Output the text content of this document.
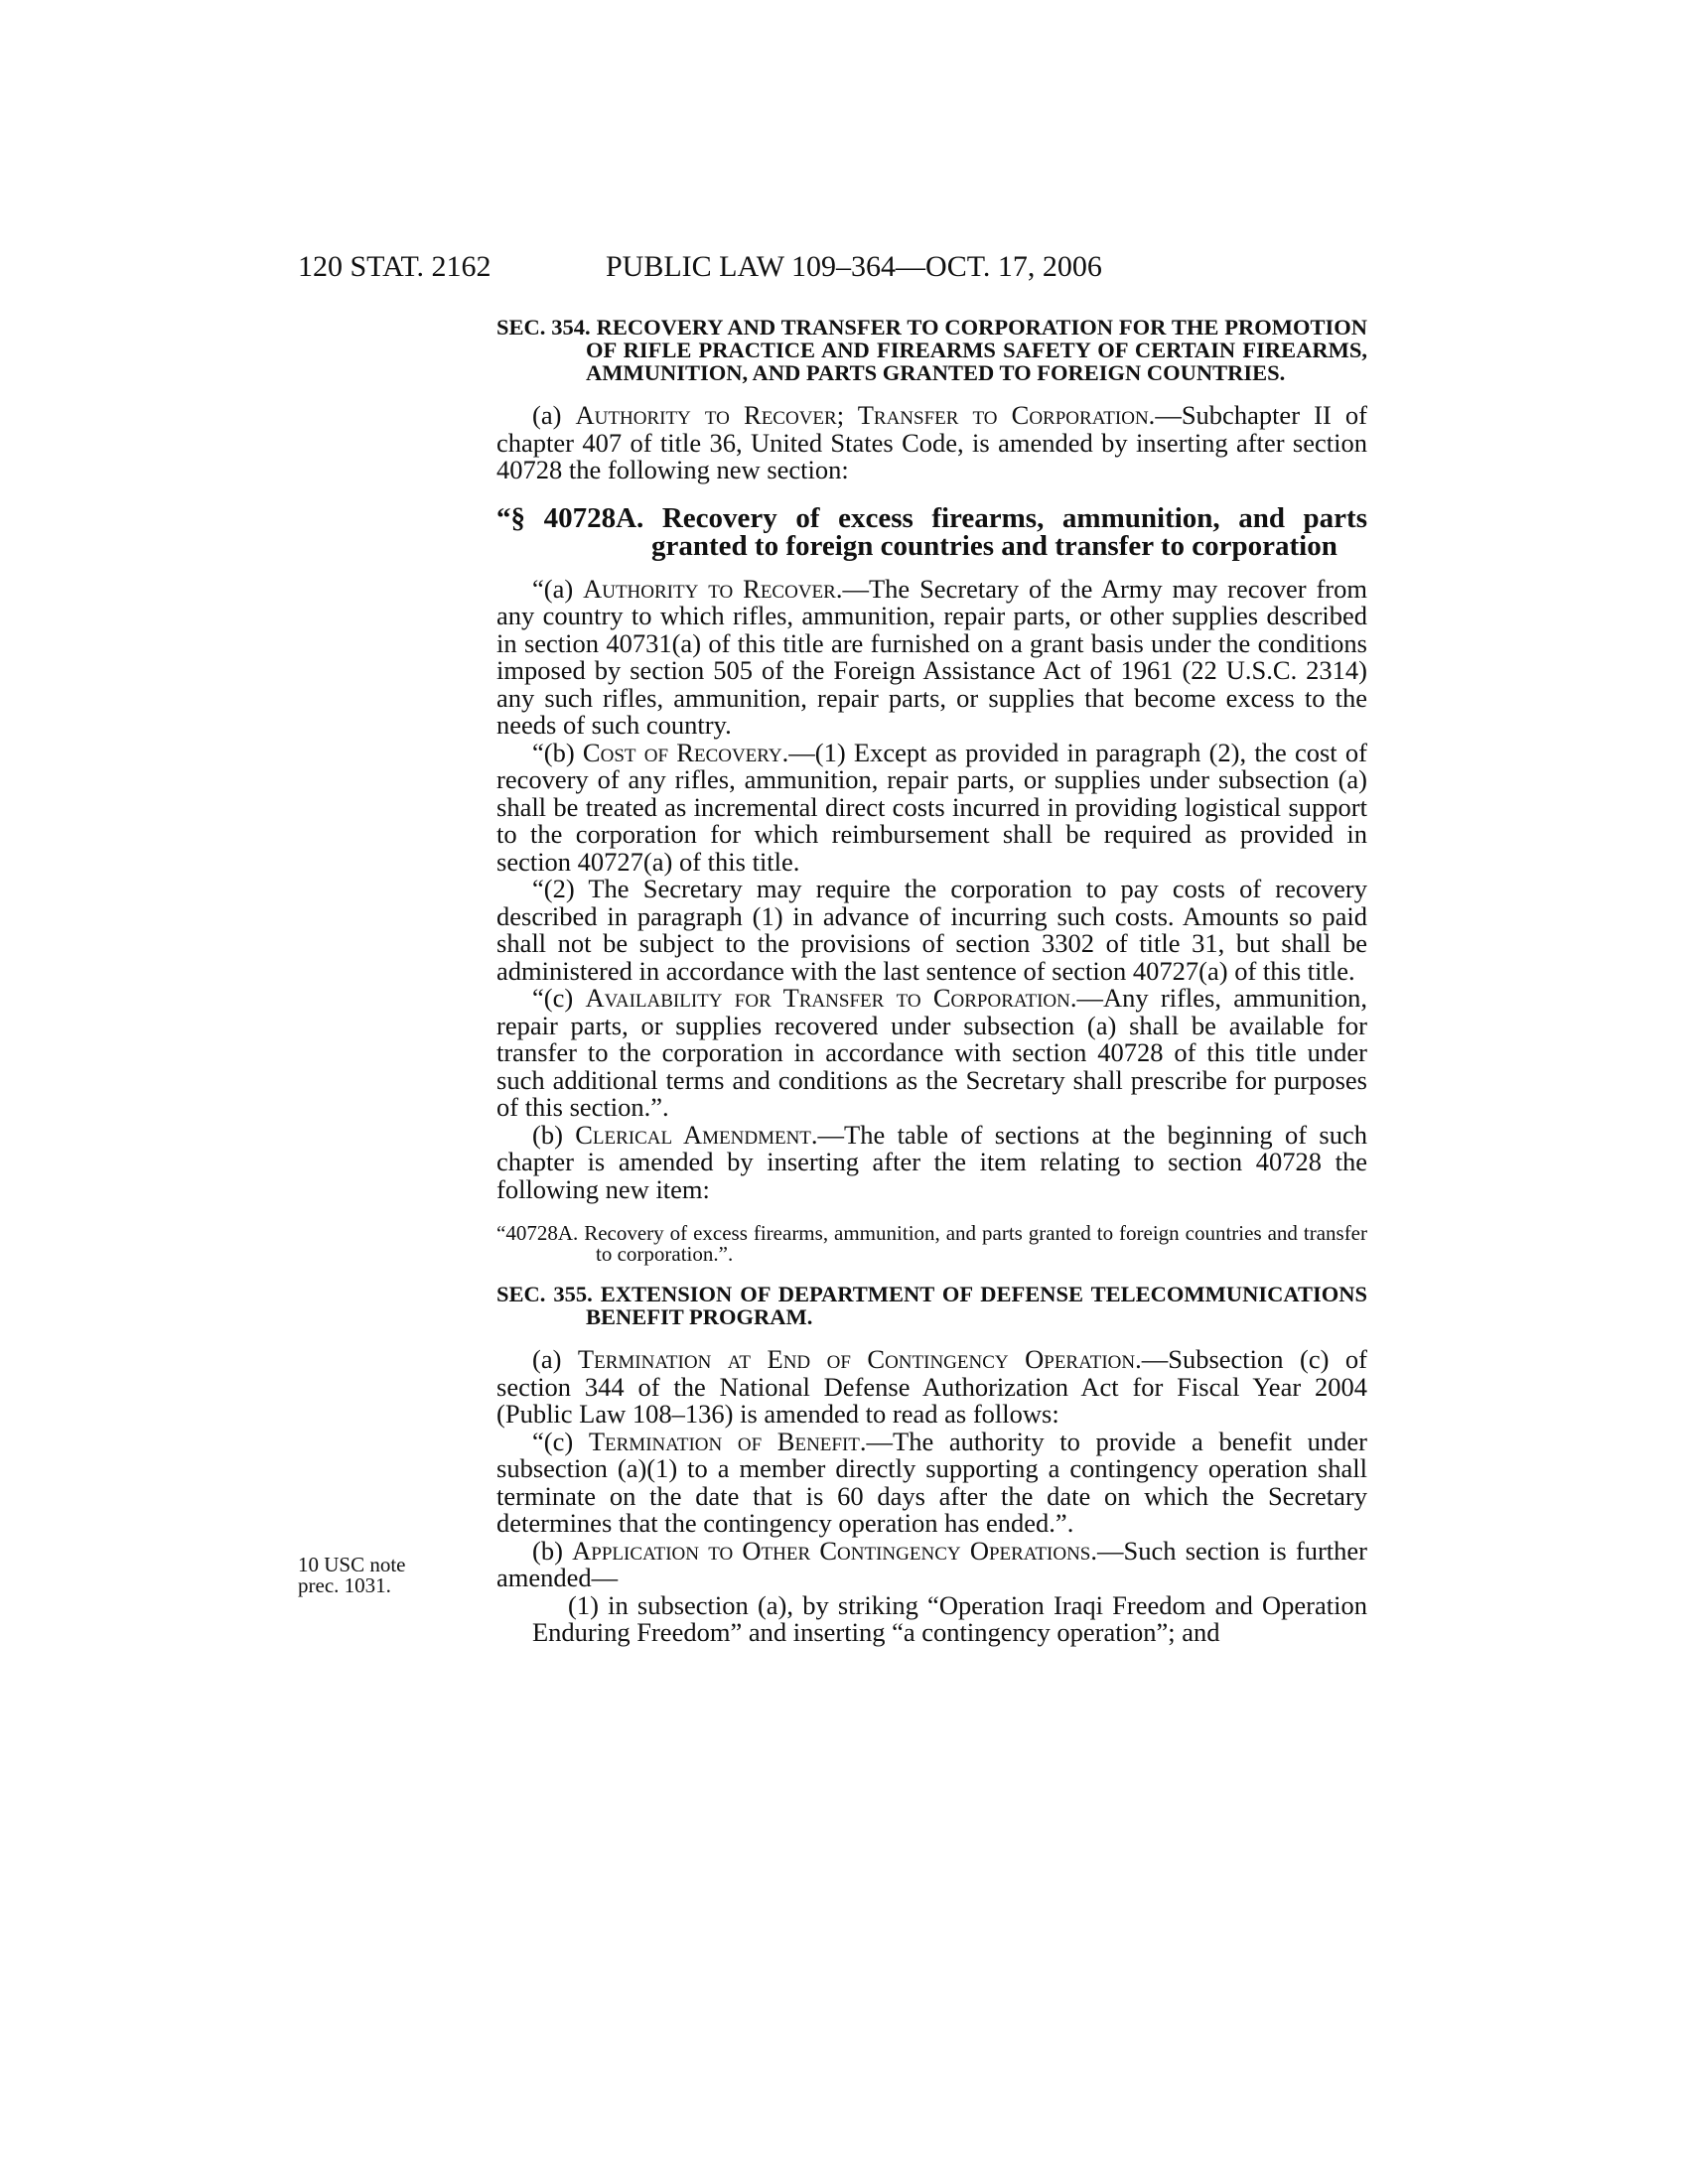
120 STAT. 2162	PUBLIC LAW 109–364—OCT. 17, 2006

SEC. 354. RECOVERY AND TRANSFER TO CORPORATION FOR THE PROMOTION OF RIFLE PRACTICE AND FIREARMS SAFETY OF CERTAIN FIREARMS, AMMUNITION, AND PARTS GRANTED TO FOREIGN COUNTRIES.

(a) Authority to Recover; Transfer to Corporation.—Subchapter II of chapter 407 of title 36, United States Code, is amended by inserting after section 40728 the following new section:

“§ 40728A. Recovery of excess firearms, ammunition, and parts granted to foreign countries and transfer to corporation

“(a) Authority to Recover.—The Secretary of the Army may recover from any country to which rifles, ammunition, repair parts, or other supplies described in section 40731(a) of this title are furnished on a grant basis under the conditions imposed by section 505 of the Foreign Assistance Act of 1961 (22 U.S.C. 2314) any such rifles, ammunition, repair parts, or supplies that become excess to the needs of such country.

“(b) Cost of Recovery.—(1) Except as provided in paragraph (2), the cost of recovery of any rifles, ammunition, repair parts, or supplies under subsection (a) shall be treated as incremental direct costs incurred in providing logistical support to the corporation for which reimbursement shall be required as provided in section 40727(a) of this title.

“(2) The Secretary may require the corporation to pay costs of recovery described in paragraph (1) in advance of incurring such costs. Amounts so paid shall not be subject to the provisions of section 3302 of title 31, but shall be administered in accordance with the last sentence of section 40727(a) of this title.

“(c) Availability for Transfer to Corporation.—Any rifles, ammunition, repair parts, or supplies recovered under subsection (a) shall be available for transfer to the corporation in accordance with section 40728 of this title under such additional terms and conditions as the Secretary shall prescribe for purposes of this section.”.

(b) Clerical Amendment.—The table of sections at the beginning of such chapter is amended by inserting after the item relating to section 40728 the following new item:

“40728A. Recovery of excess firearms, ammunition, and parts granted to foreign countries and transfer to corporation.”.

SEC. 355. EXTENSION OF DEPARTMENT OF DEFENSE TELECOMMUNICATIONS BENEFIT PROGRAM.

(a) Termination at End of Contingency Operation.—Subsection (c) of section 344 of the National Defense Authorization Act for Fiscal Year 2004 (Public Law 108–136) is amended to read as follows:

“(c) Termination of Benefit.—The authority to provide a benefit under subsection (a)(1) to a member directly supporting a contingency operation shall terminate on the date that is 60 days after the date on which the Secretary determines that the contingency operation has ended.”.

(b) Application to Other Contingency Operations.—Such section is further amended—

(1) in subsection (a), by striking “Operation Iraqi Freedom and Operation Enduring Freedom” and inserting “a contingency operation”; and

10 USC note
prec. 1031.
